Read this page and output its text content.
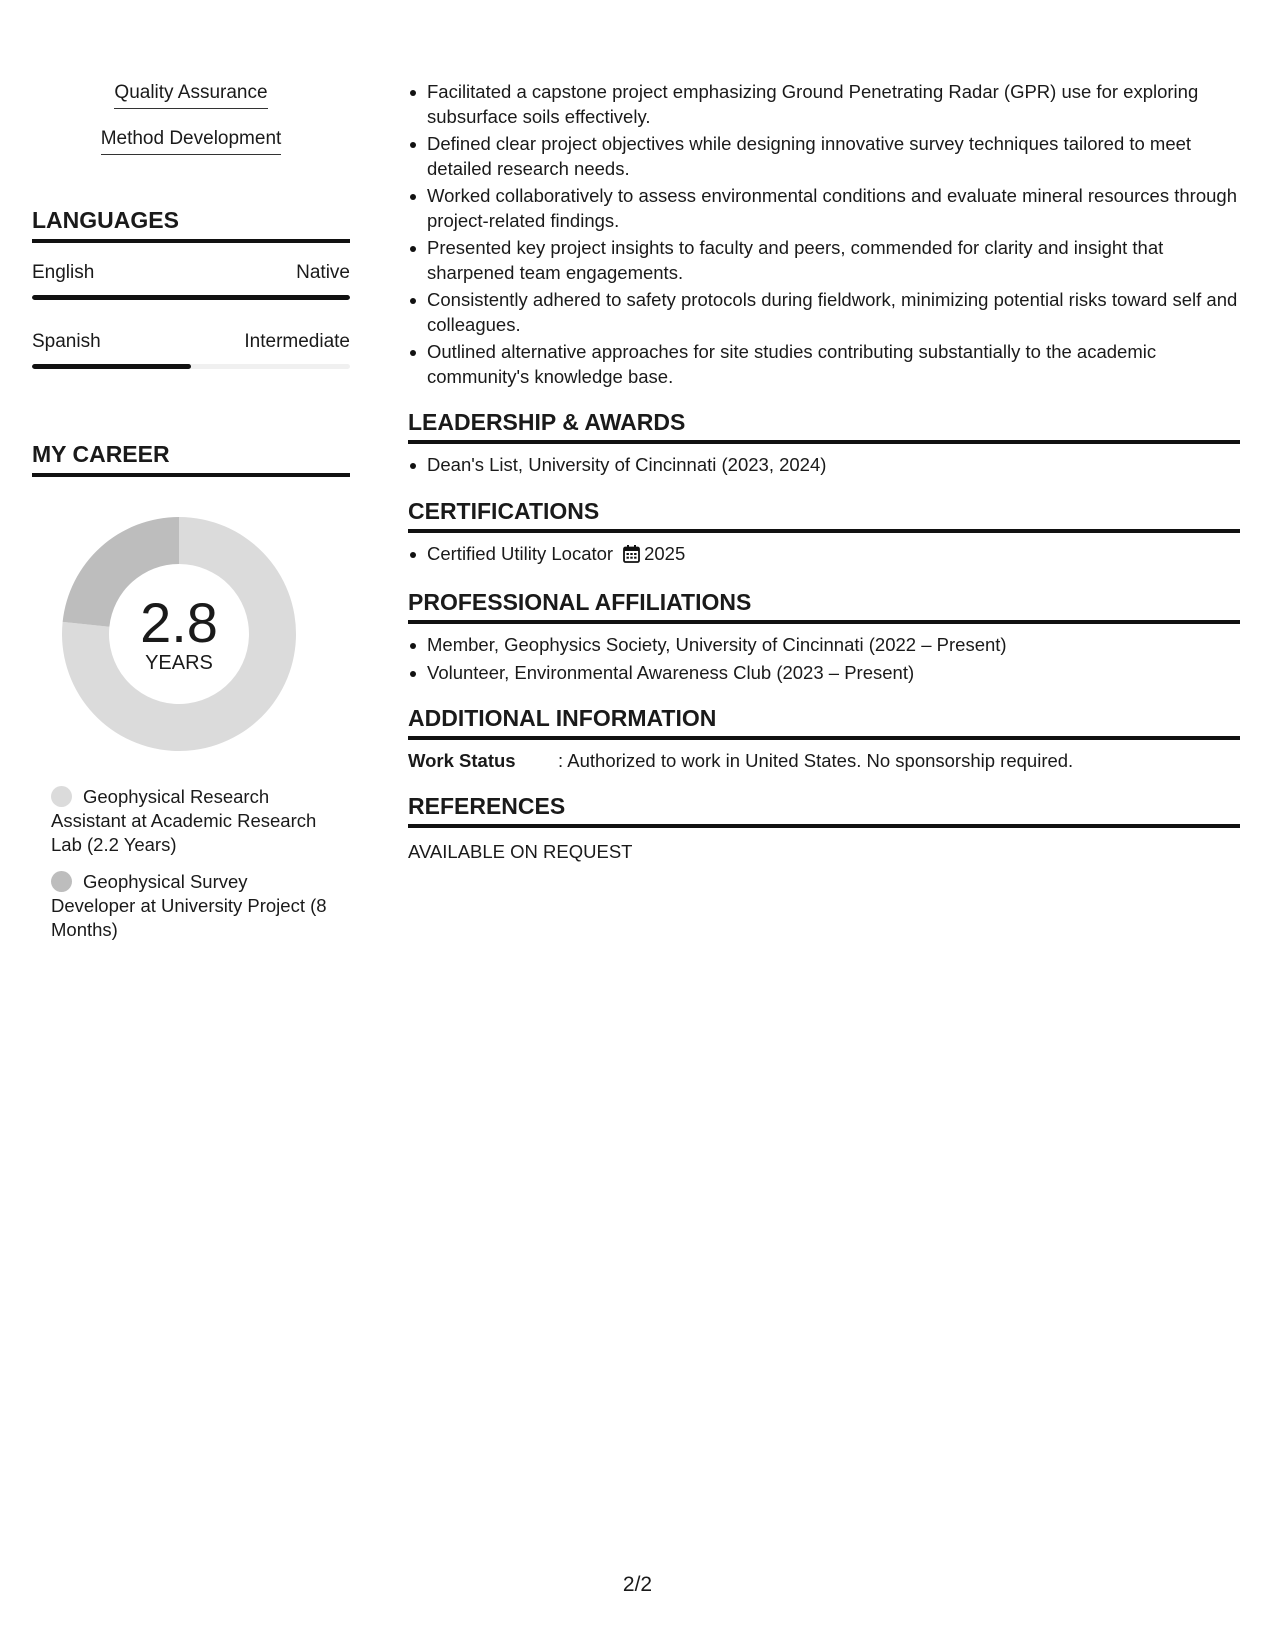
Quality Assurance
Method Development
LANGUAGES
English	Native
Spanish	Intermediate
MY CAREER
2.8
YEARS
Geophysical Research Assistant at Academic Research Lab (2.2 Years)
Geophysical Survey Developer at University Project (8 Months)
Facilitated a capstone project emphasizing Ground Penetrating Radar (GPR) use for exploring subsurface soils effectively.
Defined clear project objectives while designing innovative survey techniques tailored to meet detailed research needs.
Worked collaboratively to assess environmental conditions and evaluate mineral resources through project-related findings.
Presented key project insights to faculty and peers, commended for clarity and insight that sharpened team engagements.
Consistently adhered to safety protocols during fieldwork, minimizing potential risks toward self and colleagues.
Outlined alternative approaches for site studies contributing substantially to the academic community's knowledge base.
LEADERSHIP & AWARDS
Dean's List, University of Cincinnati (2023, 2024)
CERTIFICATIONS
Certified Utility Locator 2025
PROFESSIONAL AFFILIATIONS
Member, Geophysics Society, University of Cincinnati (2022 – Present)
Volunteer, Environmental Awareness Club (2023 – Present)
ADDITIONAL INFORMATION
Work Status	: Authorized to work in United States. No sponsorship required.
REFERENCES
AVAILABLE ON REQUEST
2/2
